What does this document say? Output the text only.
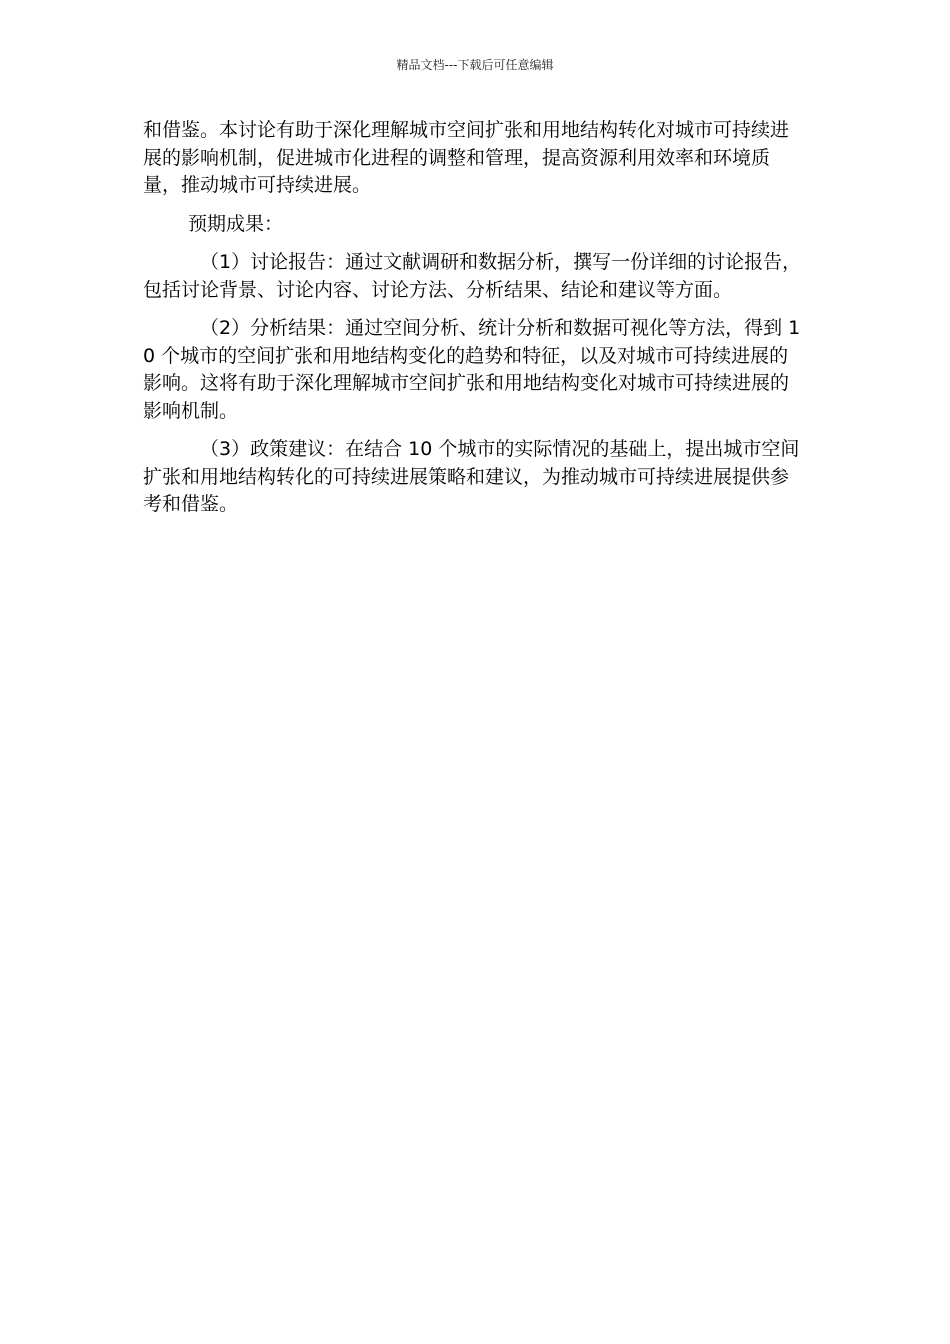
精品文档---下载后可任意编辑

和借鉴。本讨论有助于深化理解城市空间扩张和用地结构转化对城市可持续进展的影响机制，促进城市化进程的调整和管理，提高资源利用效率和环境质量，推动城市可持续进展。

预期成果：

（1）讨论报告：通过文献调研和数据分析，撰写一份详细的讨论报告，包括讨论背景、讨论内容、讨论方法、分析结果、结论和建议等方面。

（2）分析结果：通过空间分析、统计分析和数据可视化等方法，得到 10 个城市的空间扩张和用地结构变化的趋势和特征，以及对城市可持续进展的影响。这将有助于深化理解城市空间扩张和用地结构变化对城市可持续进展的影响机制。

（3）政策建议：在结合 10 个城市的实际情况的基础上，提出城市空间扩张和用地结构转化的可持续进展策略和建议，为推动城市可持续进展提供参考和借鉴。
